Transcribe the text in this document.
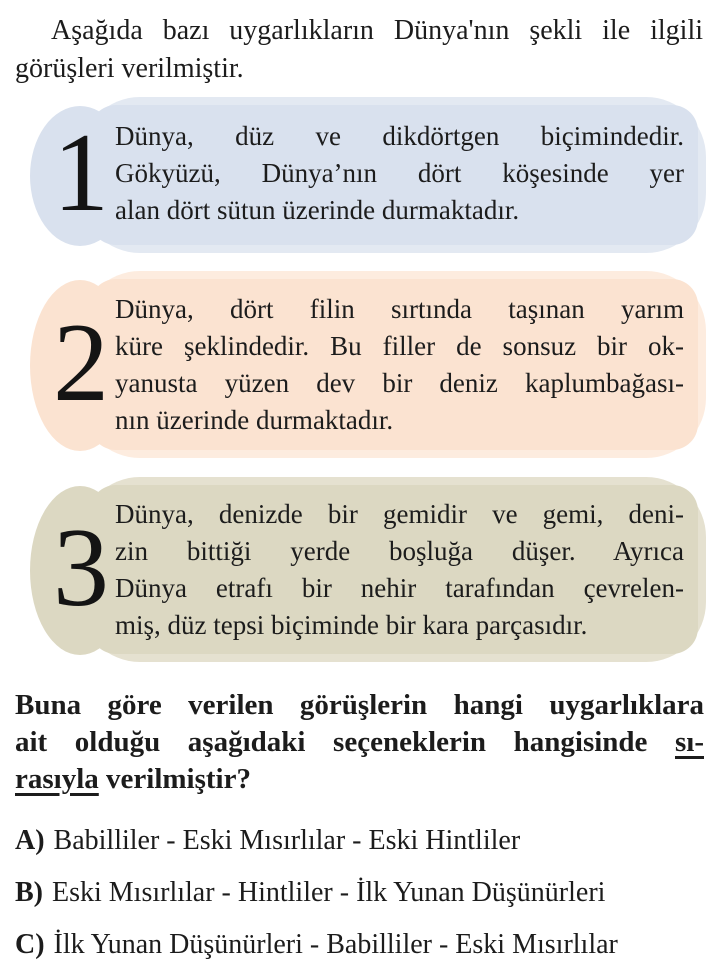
Aşağıda bazı uygarlıkların Dünya'nın şekli ile ilgili
görüşleri verilmiştir.
1 Dünya, düz ve dikdörtgen biçimindedir.
Gökyüzü, Dünya’nın dört köşesinde yer
alan dört sütun üzerinde durmaktadır.
2 Dünya, dört filin sırtında taşınan yarım
küre şeklindedir. Bu filler de sonsuz bir ok-
yanusta yüzen dev bir deniz kaplumbağası-
nın üzerinde durmaktadır.
3 Dünya, denizde bir gemidir ve gemi, deni-
zin bittiği yerde boşluğa düşer. Ayrıca
Dünya etrafı bir nehir tarafından çevrelen-
miş, düz tepsi biçiminde bir kara parçasıdır.
Buna göre verilen görüşlerin hangi uygarlıklara
ait olduğu aşağıdaki seçeneklerin hangisinde sı-
rasıyla verilmiştir?
A) Babilliler - Eski Mısırlılar - Eski Hintliler
B) Eski Mısırlılar - Hintliler - İlk Yunan Düşünürleri
C) İlk Yunan Düşünürleri - Babilliler - Eski Mısırlılar
